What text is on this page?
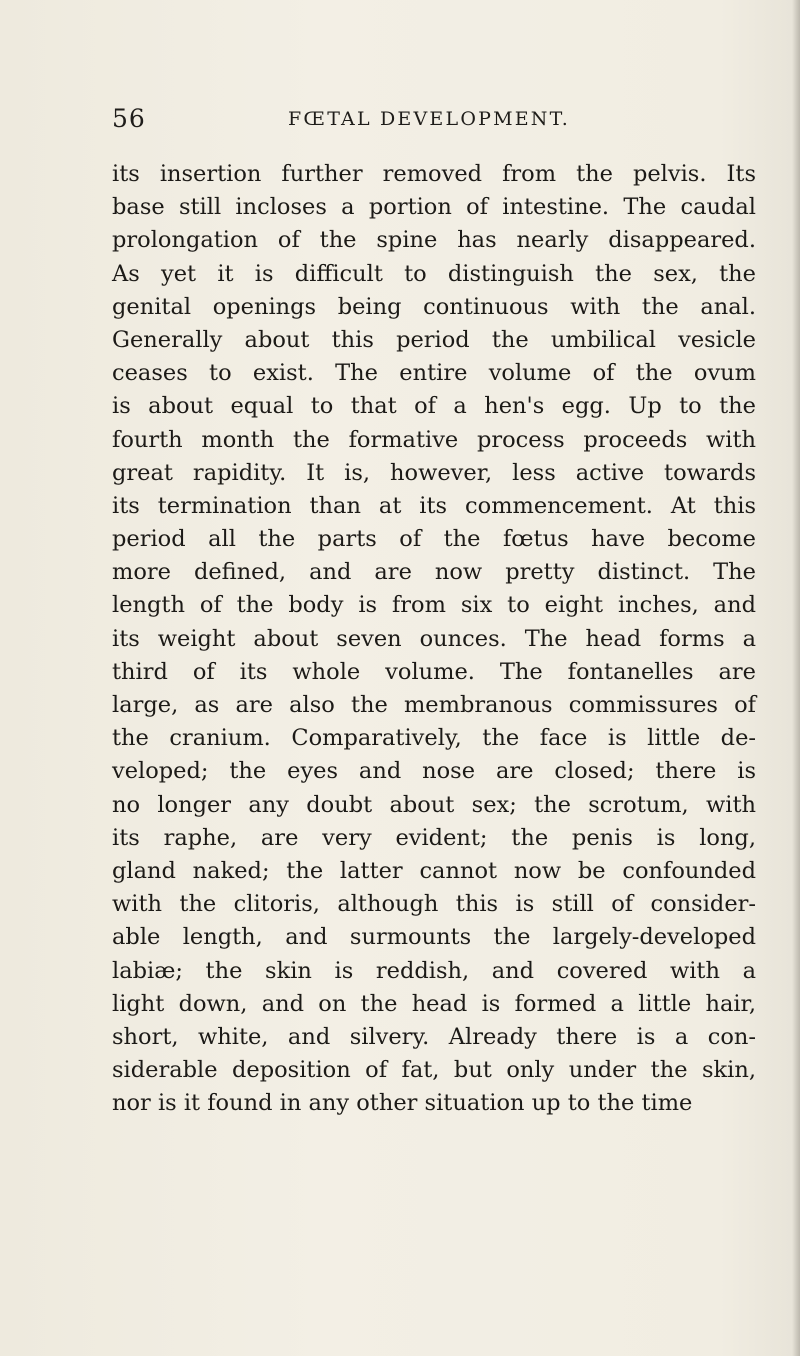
56	FŒTAL DEVELOPMENT.
its insertion further removed from the pelvis. Its
base still incloses a portion of intestine. The caudal
prolongation of the spine has nearly disappeared.
As yet it is difficult to distinguish the sex, the
genital openings being continuous with the anal.
Generally about this period the umbilical vesicle
ceases to exist. The entire volume of the ovum
is about equal to that of a hen's egg. Up to the
fourth month the formative process proceeds with
great rapidity. It is, however, less active towards
its termination than at its commencement. At this
period all the parts of the fœtus have become
more defined, and are now pretty distinct. The
length of the body is from six to eight inches, and
its weight about seven ounces. The head forms a
third of its whole volume. The fontanelles are
large, as are also the membranous commissures of
the cranium. Comparatively, the face is little de-
veloped; the eyes and nose are closed; there is
no longer any doubt about sex; the scrotum, with
its raphe, are very evident; the penis is long,
gland naked; the latter cannot now be confounded
with the clitoris, although this is still of consider-
able length, and surmounts the largely-developed
labiæ; the skin is reddish, and covered with a
light down, and on the head is formed a little hair,
short, white, and silvery. Already there is a con-
siderable deposition of fat, but only under the skin,
nor is it found in any other situation up to the time
